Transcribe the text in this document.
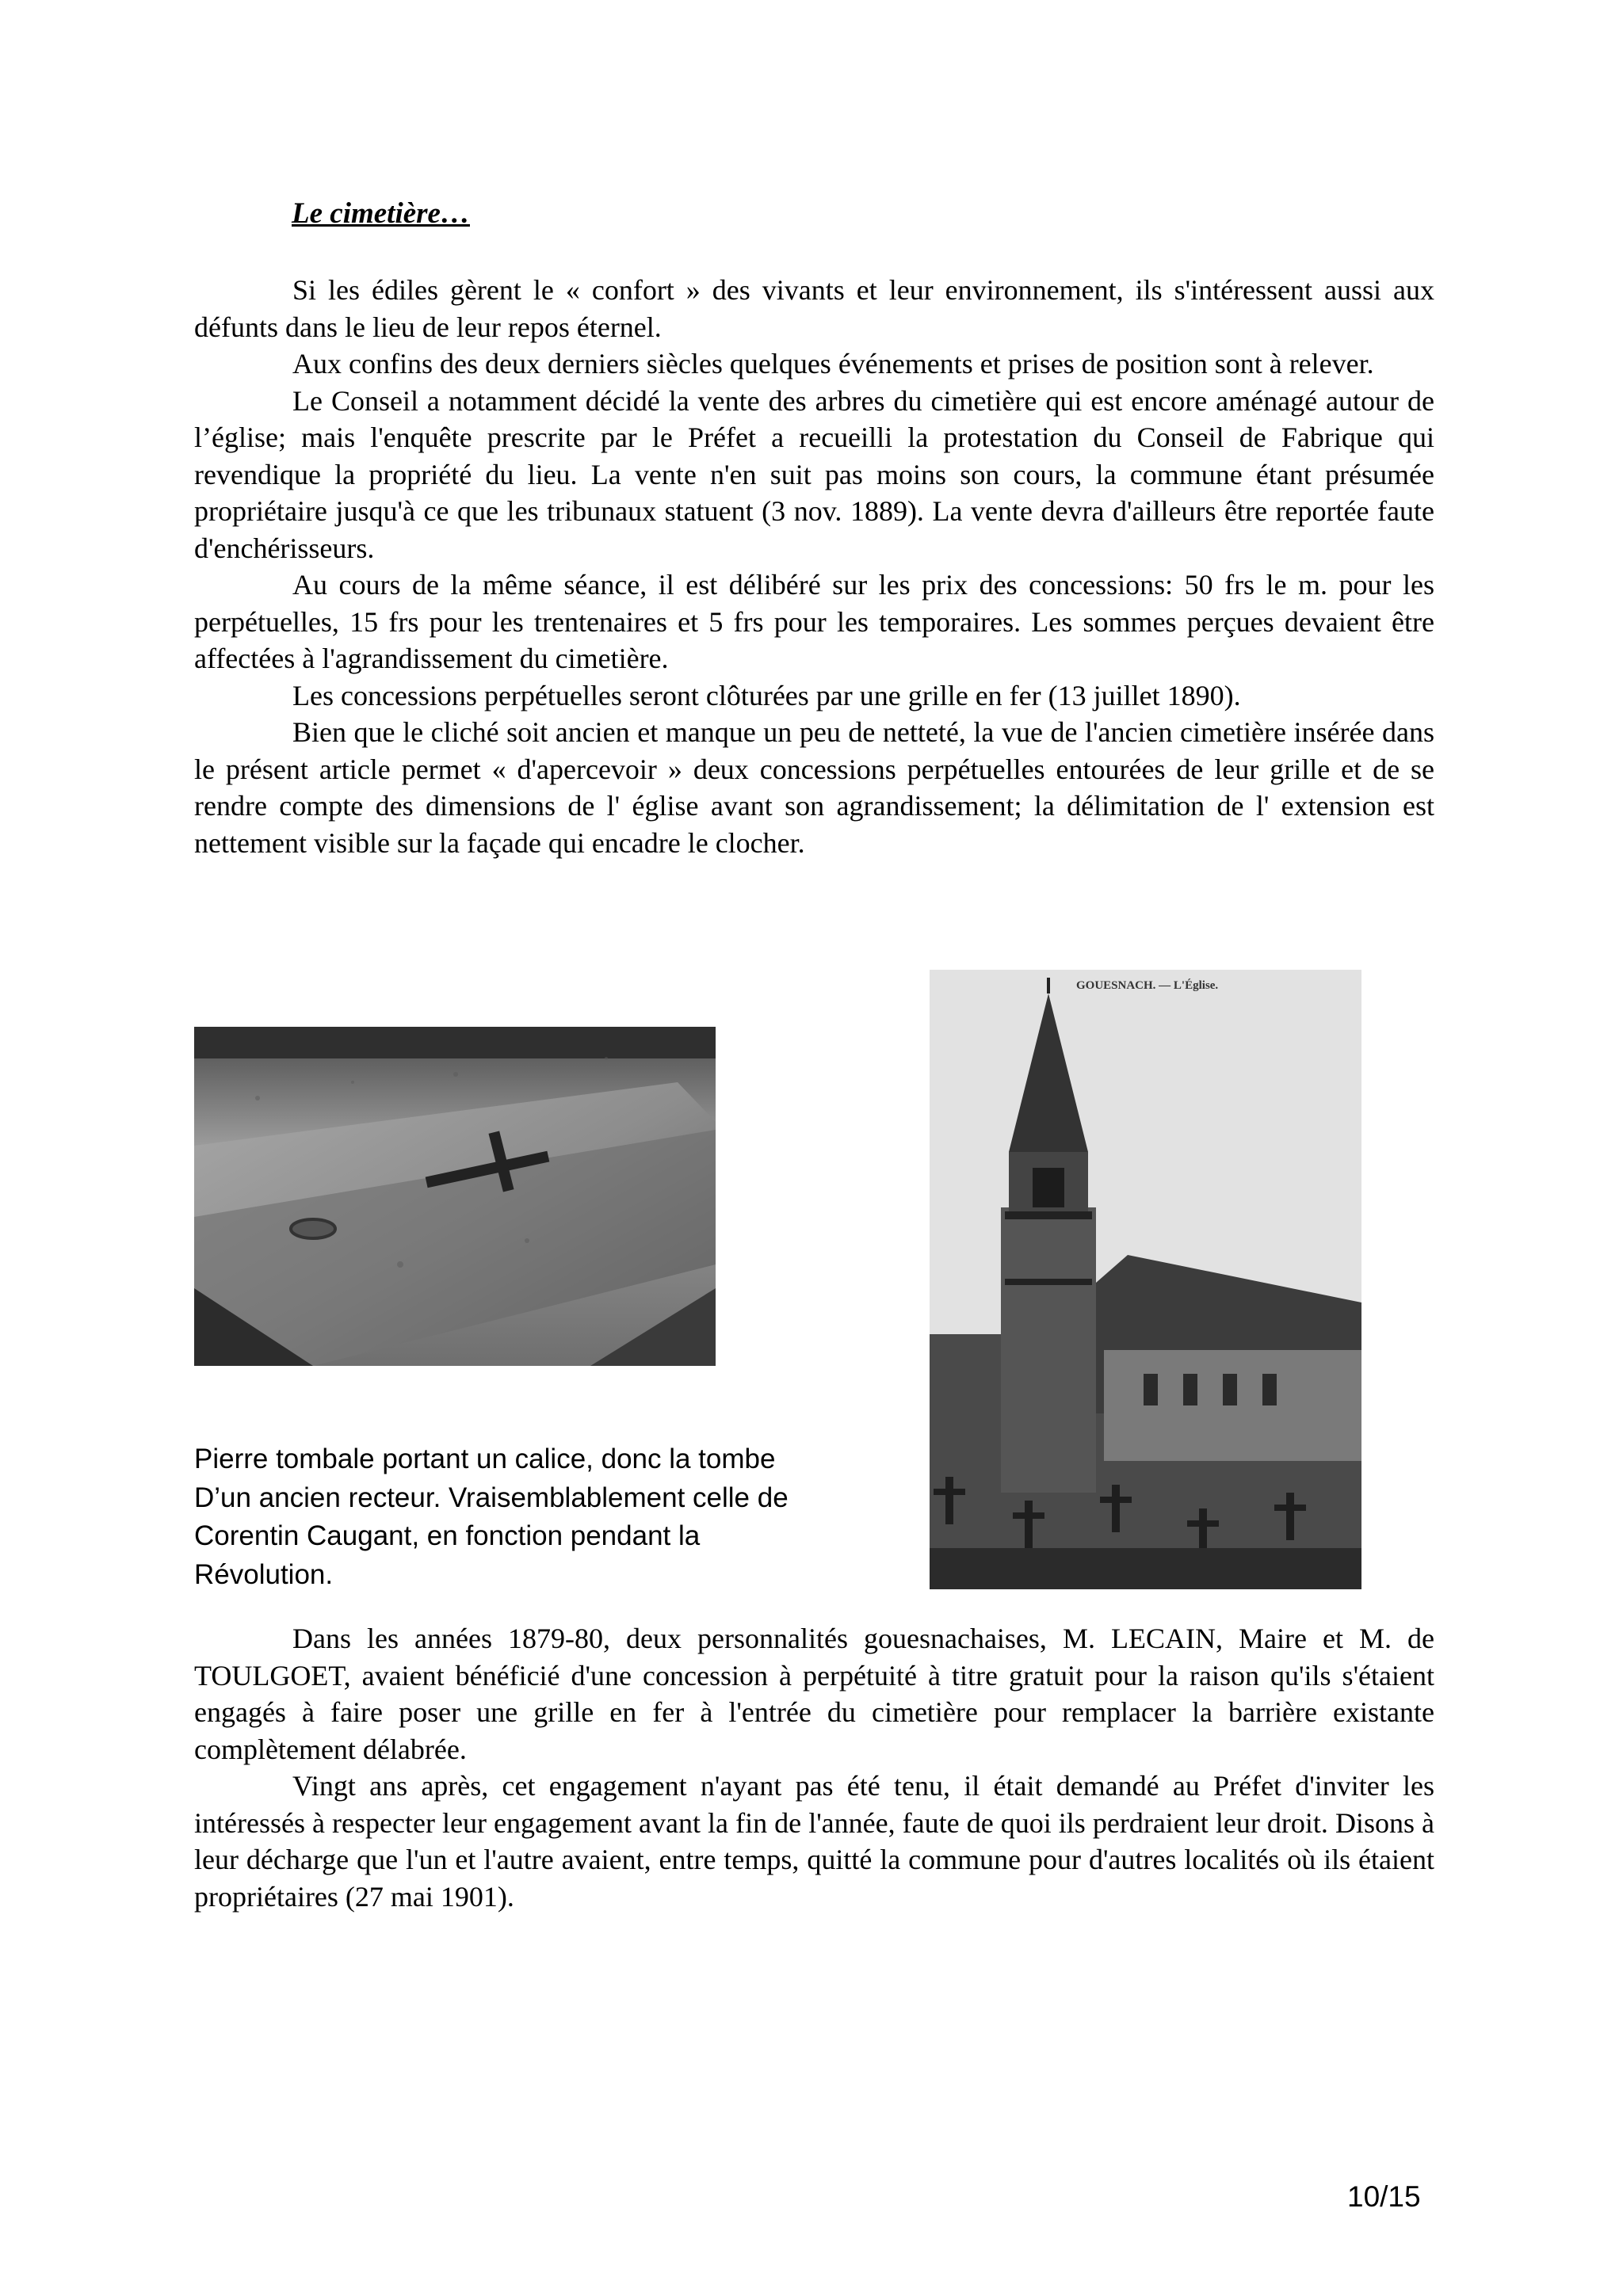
Le cimetière…

Si les édiles gèrent le « confort » des vivants et leur environnement, ils s'intéressent aussi aux défunts dans le lieu de leur repos éternel.

Aux confins des deux derniers siècles quelques événements et prises de position sont à relever.

Le Conseil a notamment décidé la vente des arbres du cimetière qui est encore aménagé autour de l’église; mais l'enquête prescrite par le Préfet a recueilli la protestation du Conseil de Fabrique qui revendique la propriété du lieu. La vente n'en suit pas moins son cours, la commune étant présumée propriétaire jusqu'à ce que les tribunaux statuent (3 nov. 1889). La vente devra d'ailleurs être reportée faute d'enchérisseurs.

Au cours de la même séance, il est délibéré sur les prix des concessions: 50 frs le m. pour les perpétuelles, 15 frs pour les trentenaires et 5 frs pour les temporaires. Les sommes perçues devaient être affectées à l'agrandissement du cimetière.

Les concessions perpétuelles seront clôturées par une grille en fer (13 juillet 1890).

Bien que le cliché soit ancien et manque un peu de netteté, la vue de l'ancien cimetière insérée dans le présent article permet « d'apercevoir » deux concessions perpétuelles entourées de leur grille et de se rendre compte des dimensions de l' église avant son agrandissement; la délimitation de l' extension est nettement visible sur la façade qui encadre le clocher.

GOUESNACH. — L'Église.
Pierre tombale portant un calice, donc la tombe
D’un ancien recteur. Vraisemblablement celle de
Corentin Caugant, en fonction pendant la
Révolution.

Dans les années 1879-80, deux personnalités gouesnachaises, M. LECAIN, Maire et M. de TOULGOET, avaient bénéficié d'une concession à perpétuité à titre gratuit pour la raison qu'ils s'étaient engagés à faire poser une grille en fer à l'entrée du cimetière pour remplacer la barrière existante complètement délabrée.

Vingt ans après, cet engagement n'ayant pas été tenu, il était demandé au Préfet d'inviter les intéressés à respecter leur engagement avant la fin de l'année, faute de quoi ils perdraient leur droit. Disons à leur décharge que l'un et l'autre avaient, entre temps, quitté la commune pour d'autres localités où ils étaient propriétaires (27 mai 1901).

10/15
